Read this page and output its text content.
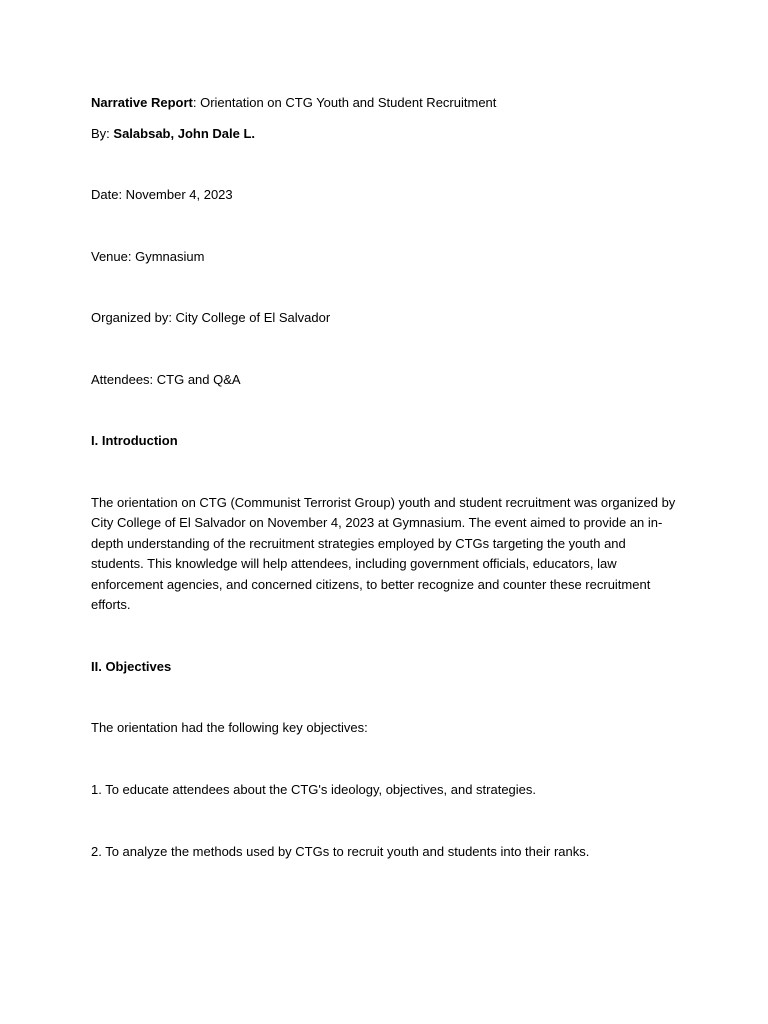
Narrative Report: Orientation on CTG Youth and Student Recruitment
By: Salabsab, John Dale L.
Date: November 4, 2023
Venue: Gymnasium
Organized by: City College of El Salvador
Attendees: CTG and Q&A
I. Introduction
The orientation on CTG (Communist Terrorist Group) youth and student recruitment was organized by City College of El Salvador on November 4, 2023 at Gymnasium. The event aimed to provide an in-depth understanding of the recruitment strategies employed by CTGs targeting the youth and students. This knowledge will help attendees, including government officials, educators, law enforcement agencies, and concerned citizens, to better recognize and counter these recruitment efforts.
II. Objectives
The orientation had the following key objectives:
1. To educate attendees about the CTG's ideology, objectives, and strategies.
2. To analyze the methods used by CTGs to recruit youth and students into their ranks.
